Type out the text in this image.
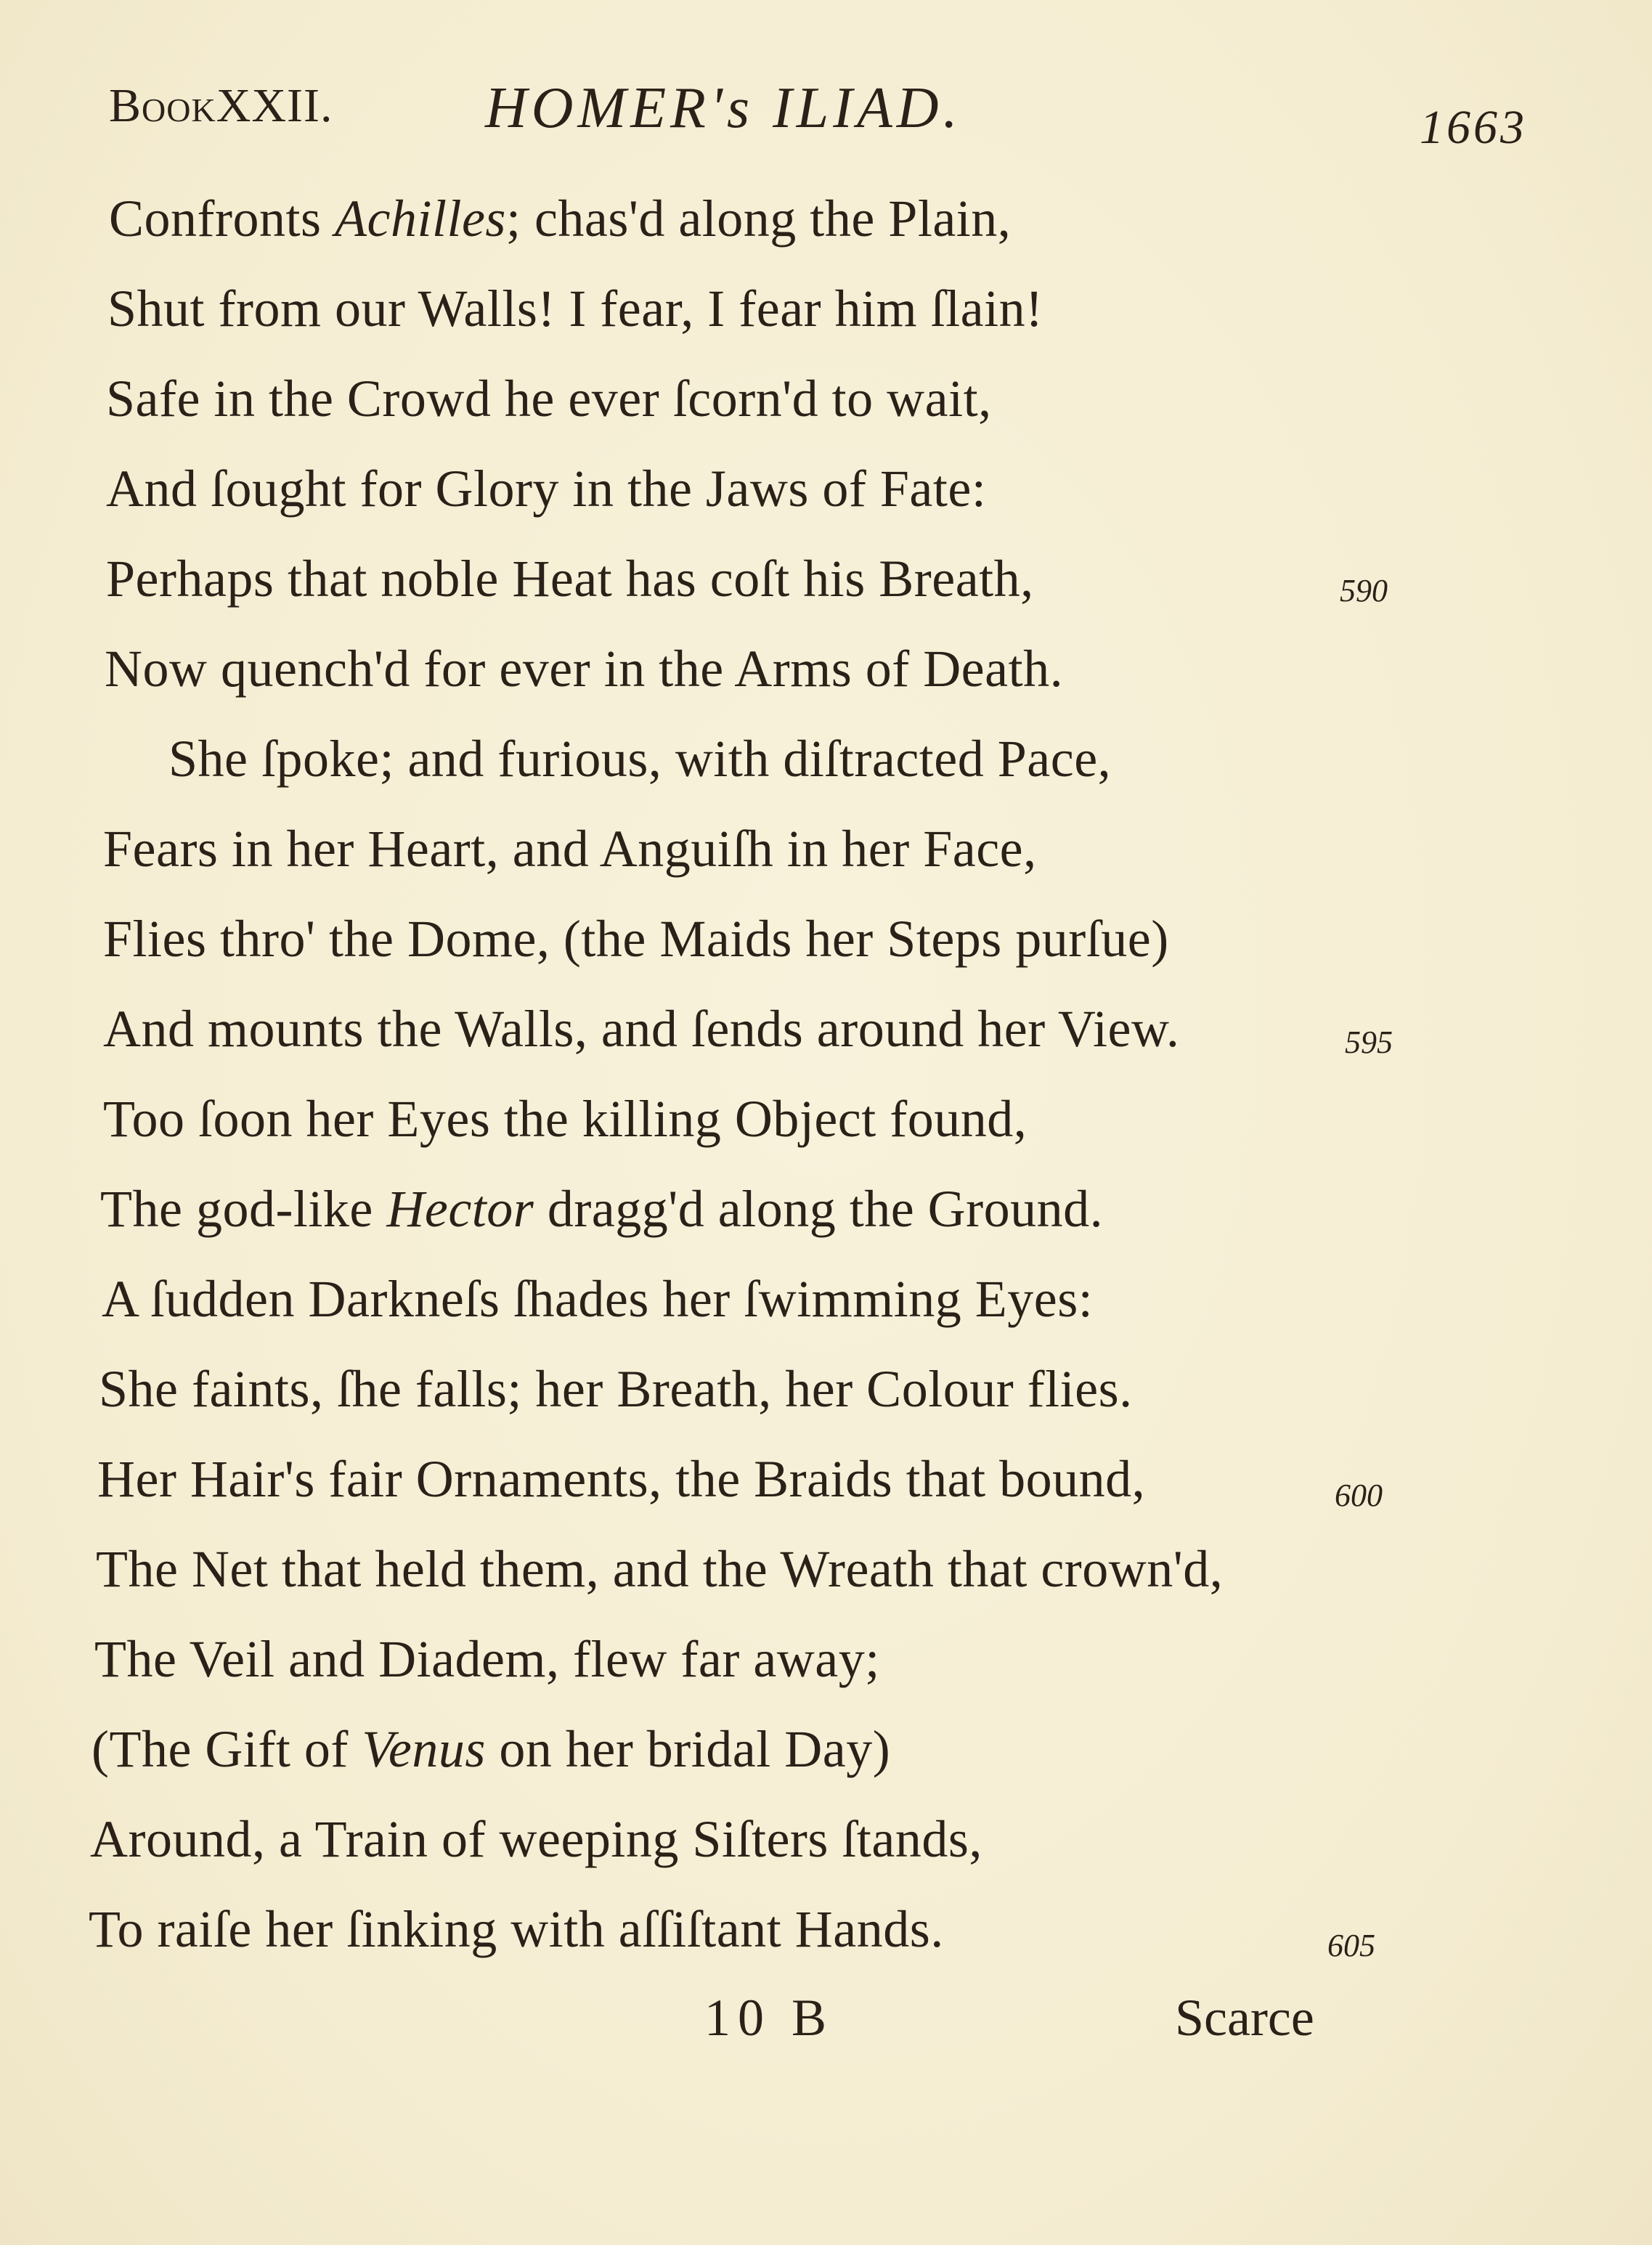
BookXXII.	HOMER's ILIAD.	1663
Confronts Achilles; chas'd along the Plain,
Shut from our Walls! I fear, I fear him ſlain!
Safe in the Crowd he ever ſcorn'd to wait,
And ſought for Glory in the Jaws of Fate:
Perhaps that noble Heat has coſt his Breath,	590
Now quench'd for ever in the Arms of Death.
She ſpoke; and furious, with diſtracted Pace,
Fears in her Heart, and Anguiſh in her Face,
Flies thro' the Dome, (the Maids her Steps purſue)
And mounts the Walls, and ſends around her View.	595
Too ſoon her Eyes the killing Object found,
The god-like Hector dragg'd along the Ground.
A ſudden Darkneſs ſhades her ſwimming Eyes:
She faints, ſhe falls; her Breath, her Colour flies.
Her Hair's fair Ornaments, the Braids that bound,	600
The Net that held them, and the Wreath that crown'd,
The Veil and Diadem, flew far away;
(The Gift of Venus on her bridal Day)
Around, a Train of weeping Siſters ſtands,
To raiſe her ſinking with aſſiſtant Hands.	605
10 B	Scarce
